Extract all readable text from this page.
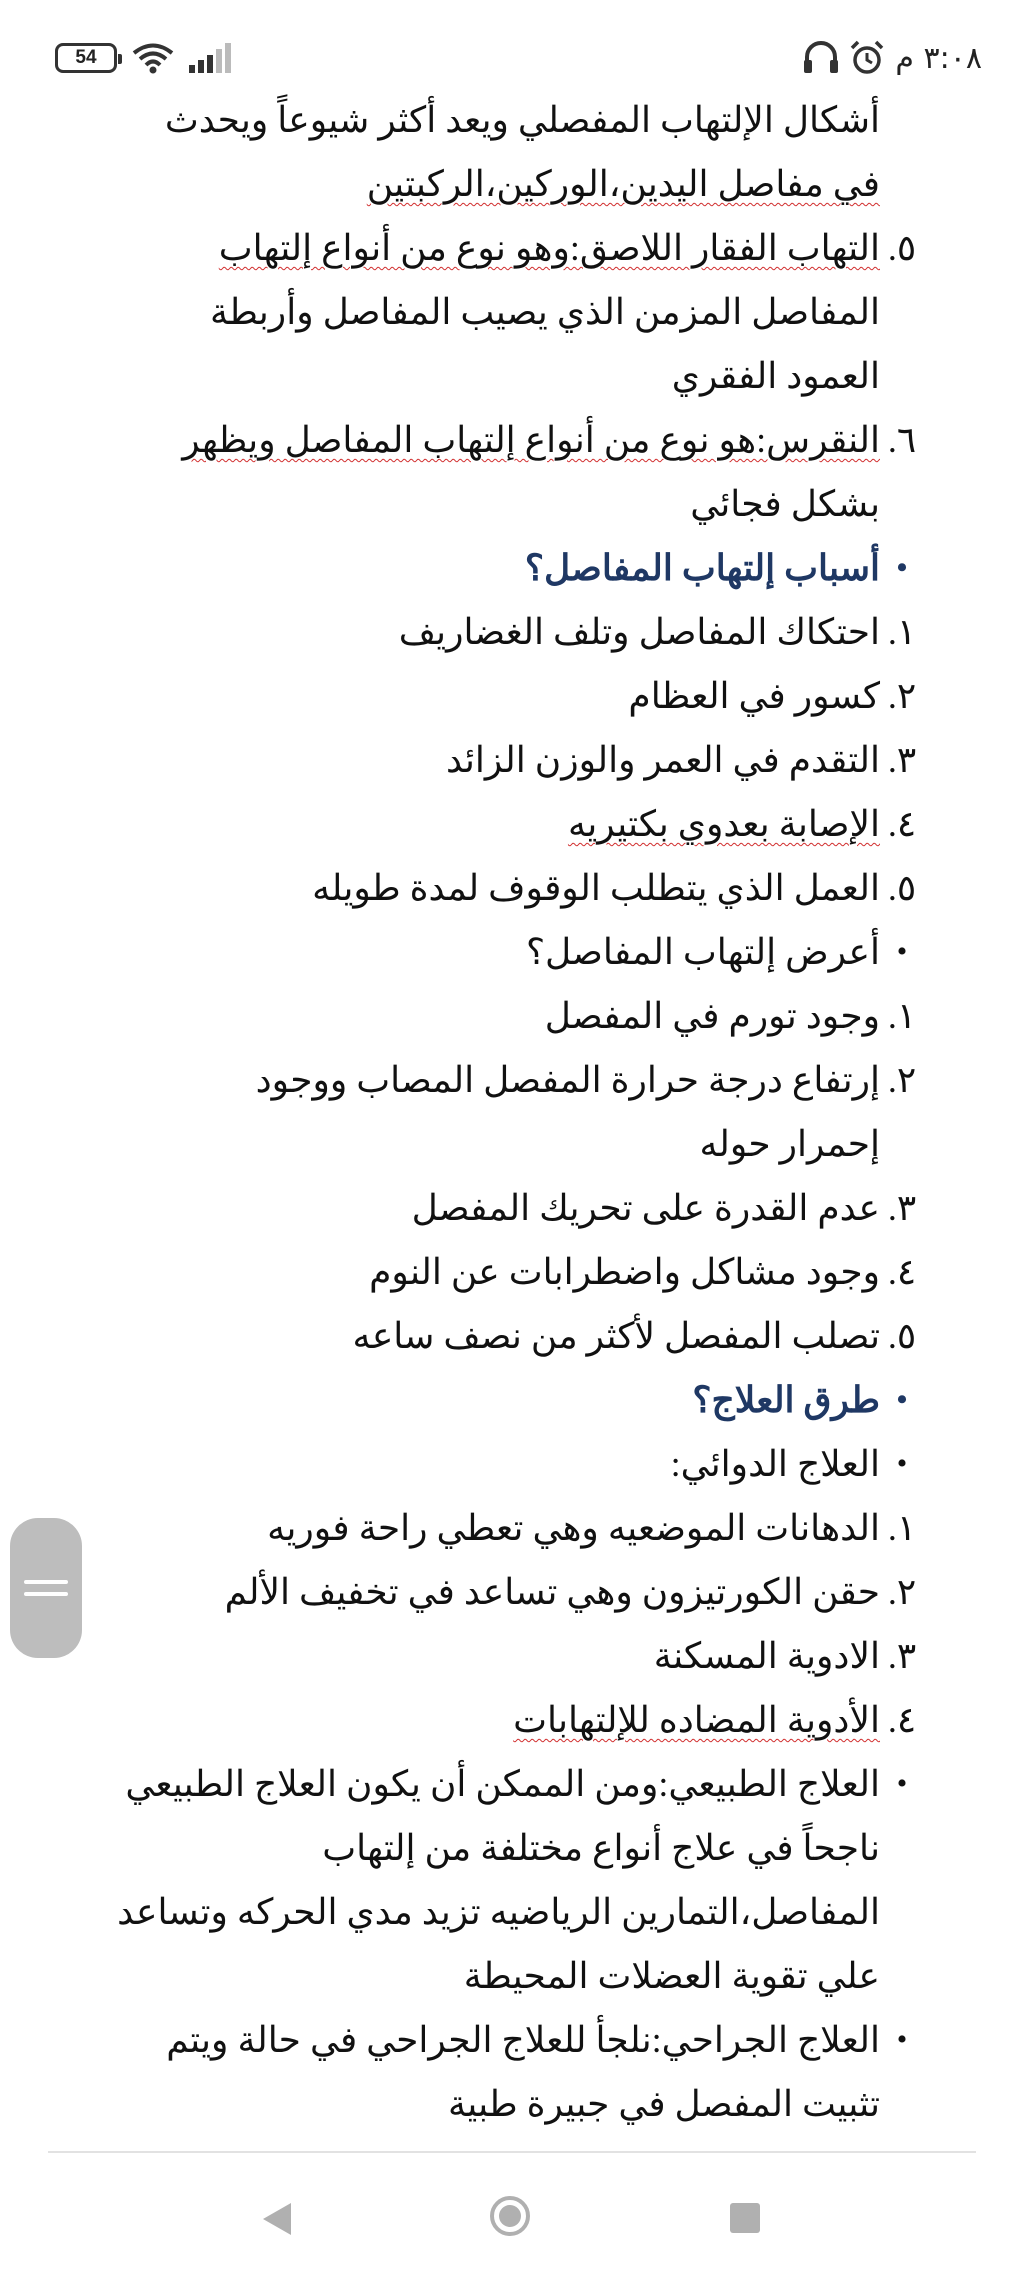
54	٣:٠٨ م
أشكال الإلتهاب المفصلي ويعد أكثر شيوعاً ويحدث
في مفاصل اليدين،الوركين،الركبتين
٥.
التهاب الفقار اللاصق:وهو نوع من أنواع إلتهاب
المفاصل المزمن الذي يصيب المفاصل وأربطة
العمود الفقري
٦.
النقرس:هو نوع من أنواع إلتهاب المفاصل ويظهر
بشكل فجائي
•
أسباب إلتهاب المفاصل؟
١.
احتكاك المفاصل وتلف الغضاريف
٢.
كسور في العظام
٣.
التقدم في العمر والوزن الزائد
٤.
الإصابة بعدوي بكتيريه
٥.
العمل الذي يتطلب الوقوف لمدة طويله
•
أعرض إلتهاب المفاصل؟
١.
وجود تورم في المفصل
٢.
إرتفاع درجة حرارة المفصل المصاب ووجود
إحمرار حوله
٣.
عدم القدرة على تحريك المفصل
٤.
وجود مشاكل واضطرابات عن النوم
٥.
تصلب المفصل لأكثر من نصف ساعه
•
طرق العلاج؟
•
العلاج الدوائي:
١.
الدهانات الموضعيه وهي تعطي راحة فوريه
٢.
حقن الكورتيزون وهي تساعد في تخفيف الألم
٣.
الادوية المسكنة
٤.
الأدوية المضاده للإلتهابات
•
العلاج الطبيعي:ومن الممكن أن يكون العلاج الطبيعي
ناجحاً في علاج أنواع مختلفة من إلتهاب
المفاصل،التمارين الرياضيه تزيد مدي الحركه وتساعد
علي تقوية العضلات المحيطة
•
العلاج الجراحي:نلجأ للعلاج الجراحي في حالة ويتم
تثبيت المفصل في جبيرة طبية
